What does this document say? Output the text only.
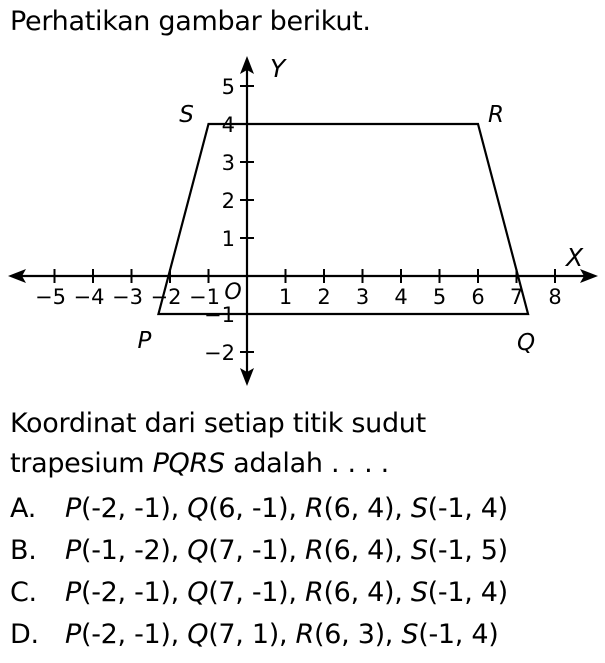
Perhatikan gambar berikut.
Y
X
O
−5 −4 −3 −2 −1	1 2 3 4 5 6 7 8
−2
−1
1
2
3
4
5
P	Q
R
S
Koordinat dari setiap titik sudut
trapesium PQRS adalah . . . .
A.	P(-2, -1), Q(6, -1), R(6, 4), S(-1, 4)
B.	P(-1, -2), Q(7, -1), R(6, 4), S(-1, 5)
C.	P(-2, -1), Q(7, -1), R(6, 4), S(-1, 4)
D. P(-2, -1), Q(7, 1), R(6, 3), S(-1, 4)
